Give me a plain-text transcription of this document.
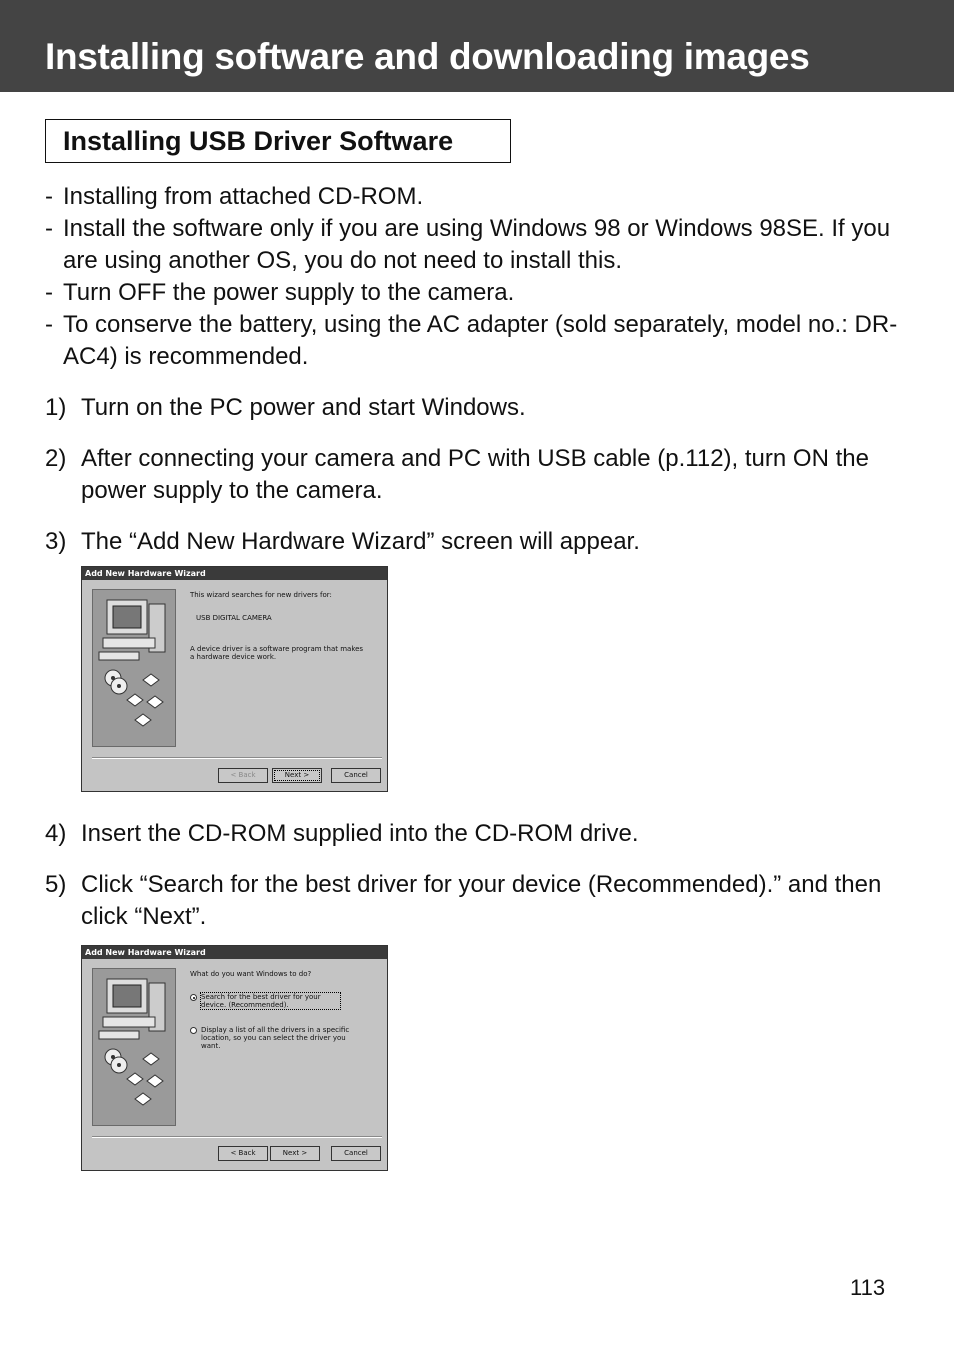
Installing software and downloading images
Installing USB Driver Software
- Installing from attached CD-ROM.
- Install the software only if you are using Windows 98 or Windows 98SE. If you are using another OS, you do not need to install this.
- Turn OFF the power supply to the camera.
- To conserve the battery, using the AC adapter (sold separately, model no.: DR-AC4) is recommended.
1) Turn on the PC power and start Windows.
2) After connecting your camera and PC with USB cable (p.112), turn ON the power supply to the camera.
3) The “Add New Hardware Wizard” screen will appear.
Add New Hardware Wizard
This wizard searches for new drivers for:
USB DIGITAL CAMERA
A device driver is a software program that makes a hardware device work.
< Back	Next >	Cancel
4) Insert the CD-ROM supplied into the CD-ROM drive.
5) Click “Search for the best driver for your device (Recommended).” and then click “Next”.
Add New Hardware Wizard
What do you want Windows to do?
Search for the best driver for your device. (Recommended).
Display a list of all the drivers in a specific location, so you can select the driver you want.
< Back	Next >	Cancel
113
